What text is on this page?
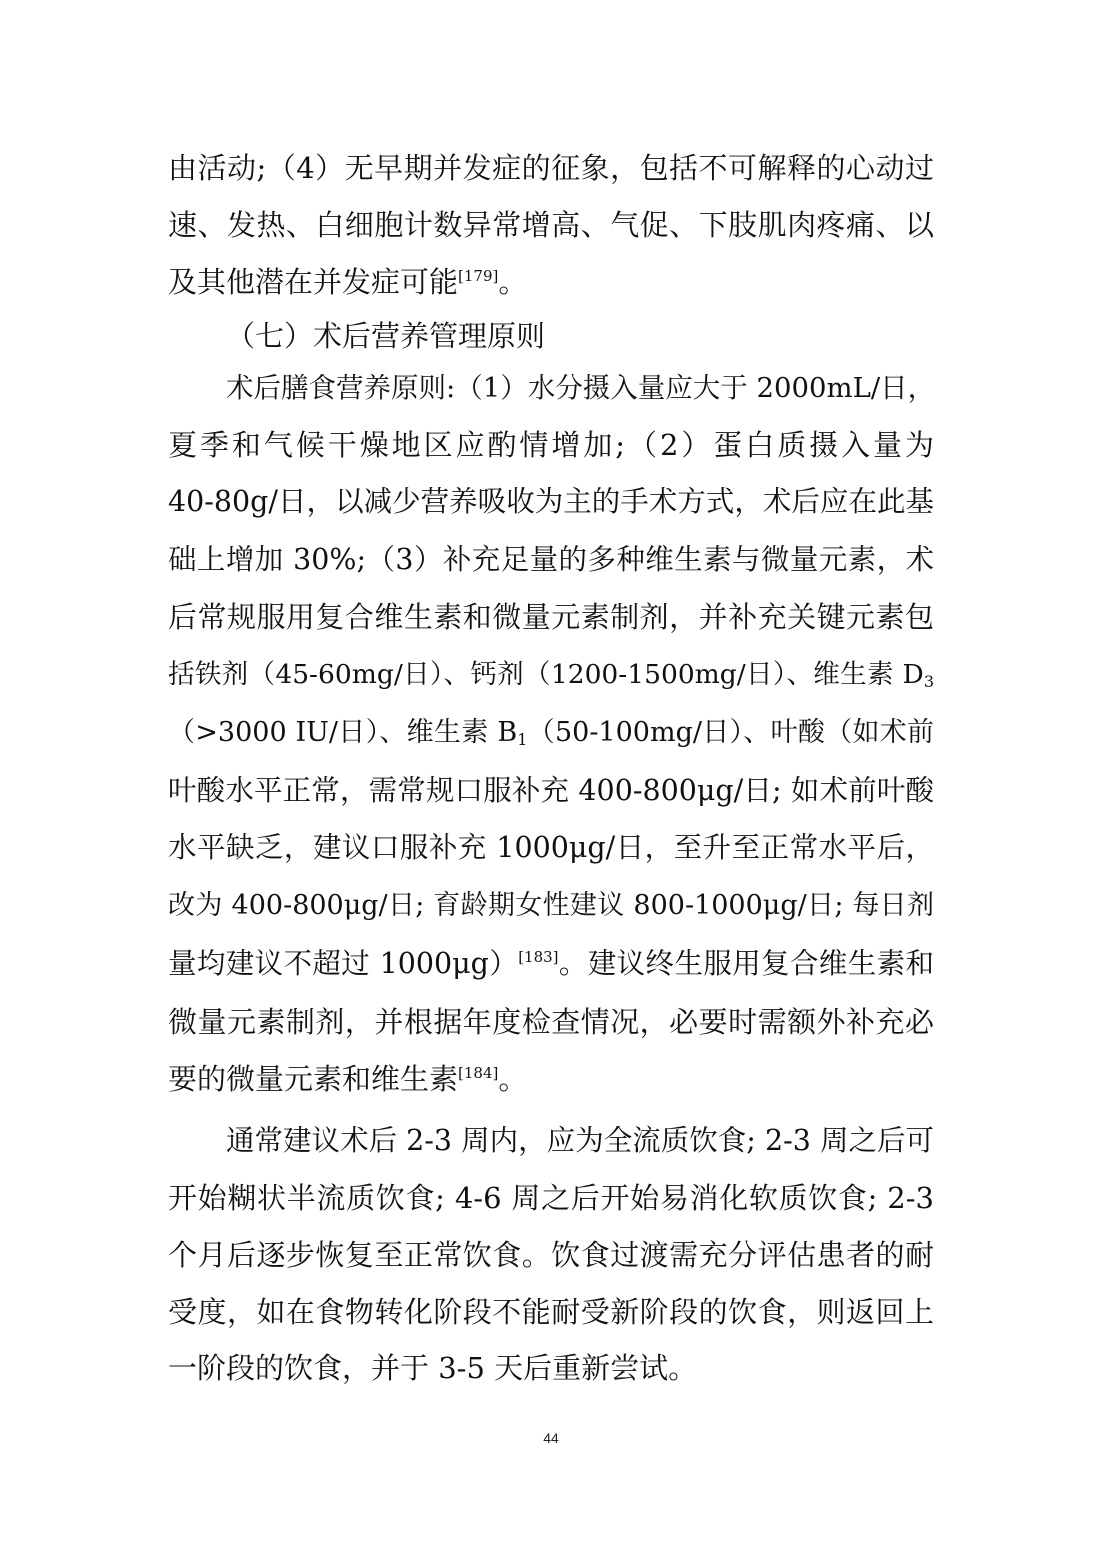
由活动;（4）无早期并发症的征象，包括不可解释的心动过
速、发热、白细胞计数异常增高、气促、下肢肌肉疼痛、以
及其他潜在并发症可能[179]。
（七）术后营养管理原则
术后膳食营养原则:（1）水分摄入量应大于 2000mL/日，
夏季和气候干燥地区应酌情增加;（2）蛋白质摄入量为
40-80g/日，以减少营养吸收为主的手术方式，术后应在此基
础上增加 30%;（3）补充足量的多种维生素与微量元素，术
后常规服用复合维生素和微量元素制剂，并补充关键元素包
括铁剂（45-60mg/日）、钙剂（1200-1500mg/日）、维生素 $D_3$
（>3000 IU/日）、维生素 $B_1(50-100mg/$日）、叶酸（如术前
叶酸水平正常，需常规口服补充 400-800μg/日; 如术前叶酸
水平缺乏，建议口服补充 1000μg/日，至升至正常水平后，
改为 400-800μg/日; 育龄期女性建议 800-1000μg/日; 每日剂
量均建议不超过 1000μg）[183]。建议终生服用复合维生素和
微量元素制剂，并根据年度检查情况，必要时需额外补充必
要的微量元素和维生素[184]。
通常建议术后 2-3 周内，应为全流质饮食; 2-3 周之后可
开始糊状半流质饮食; 4-6 周之后开始易消化软质饮食; 2-3
个月后逐步恢复至正常饮食。饮食过渡需充分评估患者的耐
受度，如在食物转化阶段不能耐受新阶段的饮食，则返回上
一阶段的饮食，并于 3-5 天后重新尝试。
44
